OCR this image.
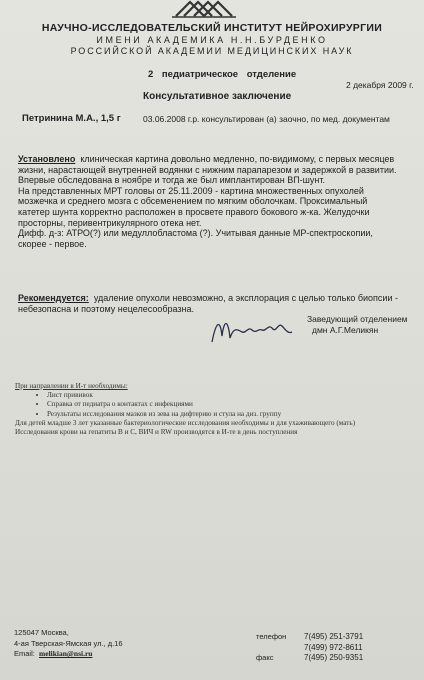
НАУЧНО-ИССЛЕДОВАТЕЛЬСКИЙ ИНСТИТУТ НЕЙРОХИРУРГИИ
ИМЕНИ АКАДЕМИКА Н.Н.БУРДЕНКО
РОССИЙСКОЙ АКАДЕМИИ МЕДИЦИНСКИХ НАУК
2 педиатрическое отделение
2 декабря 2009 г.
Консультативное заключение
Петринина М.А., 1,5 г	03.06.2008 г.р. консультирован (а) заочно, по мед. документам

Установлено клиническая картина довольно медленно, по-видимому, с первых месяцев

жизни, нарастающей внутренней водянки с нижним парапарезом и задержкой в развитии.

Впервые обследована в ноябре и тогда же был имплантирован ВП-шунт.

На представленных МРТ головы от 25.11.2009 - картина множественных опухолей

мозжечка и среднего мозга с обсеменением по мягким оболочкам. Проксимальный

катетер шунта корректно расположен в просвете правого бокового ж-ка. Желудочки

просторны, перивентрикулярного отека нет.

Дифф. д-з: АТРО(?) или медуллобластома (?). Учитывая данные МР-спектроскопии,

скорее - первое.

Рекомендуется: удаление опухоли невозможно, а эксплорация с целью только биопсии -
небезопасна и поэтому нецелесообразна.
Заведующий отделением
дмн А.Г.Меликян
При направлении в И-т необходимы:
• Лист прививок
• Справка от педиатра о контактах с инфекциями
• Результаты исследования мазков из зева на дифтерию и стула на диз. группу
Для детей младше 3 лет указанные бактериологические исследования необходимы и для ухаживающего (мать)
Исследования крови на гепатиты В и С, ВИЧ и RW производятся в И-те в день поступления
125047 Москва,
4-ая Тверская-Ямская ул., д.16
Email: melikian@nsi.ru
телефон 7(495) 251-3791
7(499) 972-8611
факс	7(495) 250-9351
